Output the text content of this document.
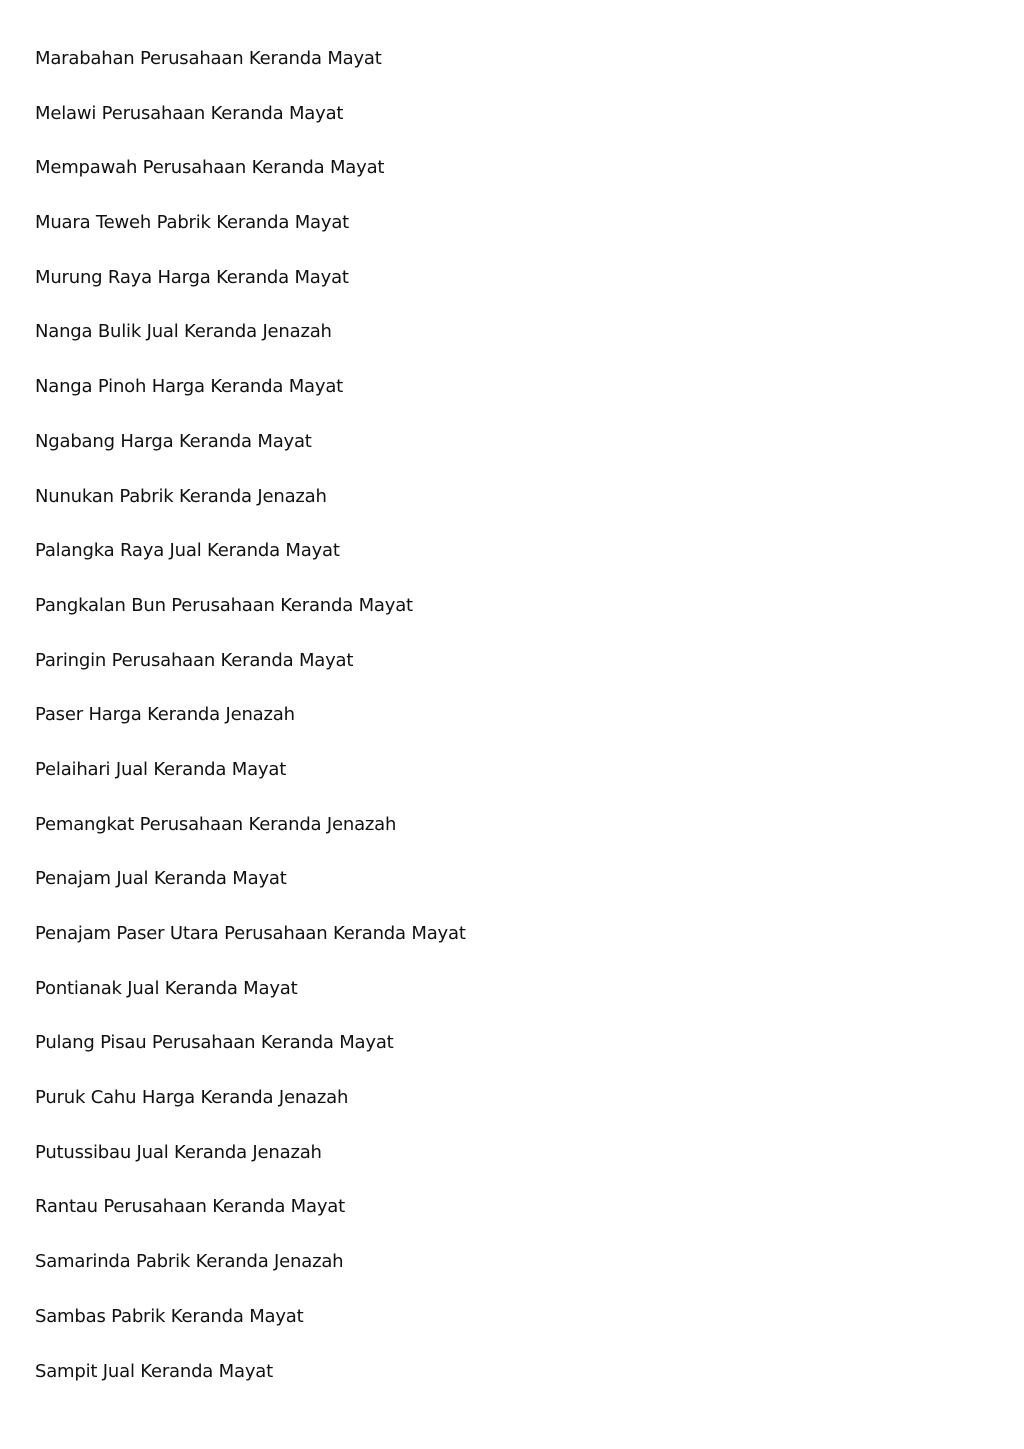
Marabahan Perusahaan Keranda Mayat
Melawi Perusahaan Keranda Mayat
Mempawah Perusahaan Keranda Mayat
Muara Teweh Pabrik Keranda Mayat
Murung Raya Harga Keranda Mayat
Nanga Bulik Jual Keranda Jenazah
Nanga Pinoh Harga Keranda Mayat
Ngabang Harga Keranda Mayat
Nunukan Pabrik Keranda Jenazah
Palangka Raya Jual Keranda Mayat
Pangkalan Bun Perusahaan Keranda Mayat
Paringin Perusahaan Keranda Mayat
Paser Harga Keranda Jenazah
Pelaihari Jual Keranda Mayat
Pemangkat Perusahaan Keranda Jenazah
Penajam Jual Keranda Mayat
Penajam Paser Utara Perusahaan Keranda Mayat
Pontianak Jual Keranda Mayat
Pulang Pisau Perusahaan Keranda Mayat
Puruk Cahu Harga Keranda Jenazah
Putussibau Jual Keranda Jenazah
Rantau Perusahaan Keranda Mayat
Samarinda Pabrik Keranda Jenazah
Sambas Pabrik Keranda Mayat
Sampit Jual Keranda Mayat
